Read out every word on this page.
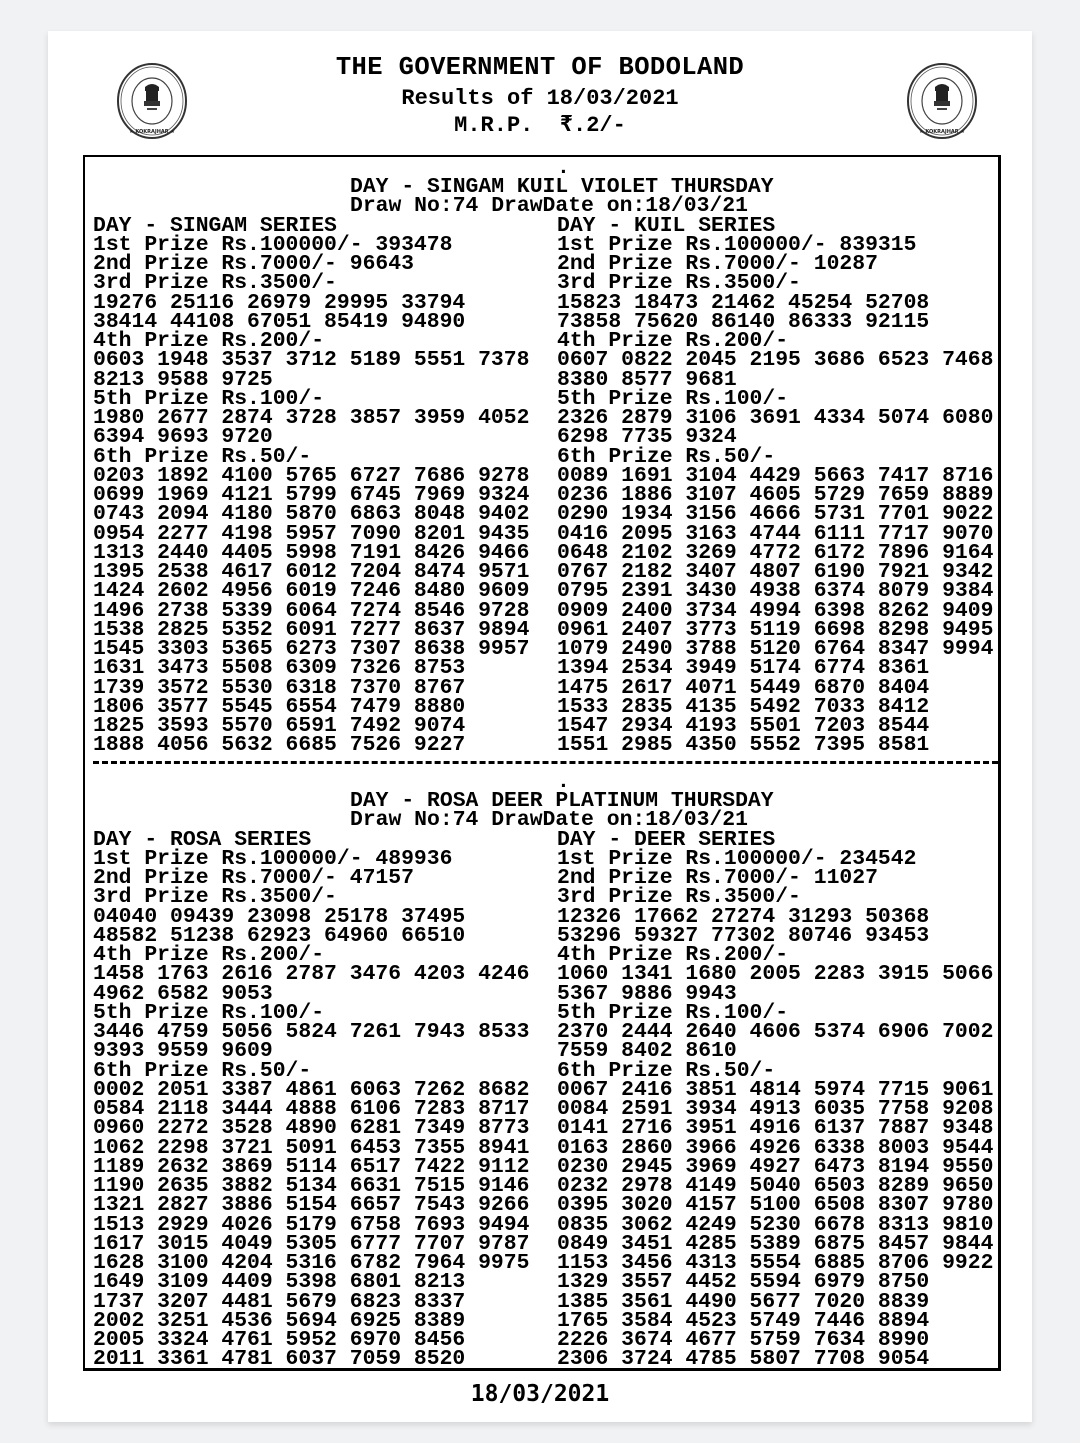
★ KOKRAJHAR ★	★ KOKRAJHAR ★
THE GOVERNMENT OF BODOLAND
Results of 18/03/2021
M.R.P.  ₹.2/-
.
DAY - SINGAM KUIL VIOLET THURSDAY
Draw No:74 DrawDate on:18/03/21
DAY - SINGAM SERIES
1st Prize Rs.100000/- 393478
2nd Prize Rs.7000/- 96643
3rd Prize Rs.3500/-
19276 25116 26979 29995 33794
38414 44108 67051 85419 94890
4th Prize Rs.200/-
0603 1948 3537 3712 5189 5551 7378
8213 9588 9725
5th Prize Rs.100/-
1980 2677 2874 3728 3857 3959 4052
6394 9693 9720
6th Prize Rs.50/-
0203 1892 4100 5765 6727 7686 9278
0699 1969 4121 5799 6745 7969 9324
0743 2094 4180 5870 6863 8048 9402
0954 2277 4198 5957 7090 8201 9435
1313 2440 4405 5998 7191 8426 9466
1395 2538 4617 6012 7204 8474 9571
1424 2602 4956 6019 7246 8480 9609
1496 2738 5339 6064 7274 8546 9728
1538 2825 5352 6091 7277 8637 9894
1545 3303 5365 6273 7307 8638 9957
1631 3473 5508 6309 7326 8753
1739 3572 5530 6318 7370 8767
1806 3577 5545 6554 7479 8880
1825 3593 5570 6591 7492 9074
1888 4056 5632 6685 7526 9227
DAY - KUIL SERIES
1st Prize Rs.100000/- 839315
2nd Prize Rs.7000/- 10287
3rd Prize Rs.3500/-
15823 18473 21462 45254 52708
73858 75620 86140 86333 92115
4th Prize Rs.200/-
0607 0822 2045 2195 3686 6523 7468
8380 8577 9681
5th Prize Rs.100/-
2326 2879 3106 3691 4334 5074 6080
6298 7735 9324
6th Prize Rs.50/-
0089 1691 3104 4429 5663 7417 8716
0236 1886 3107 4605 5729 7659 8889
0290 1934 3156 4666 5731 7701 9022
0416 2095 3163 4744 6111 7717 9070
0648 2102 3269 4772 6172 7896 9164
0767 2182 3407 4807 6190 7921 9342
0795 2391 3430 4938 6374 8079 9384
0909 2400 3734 4994 6398 8262 9409
0961 2407 3773 5119 6698 8298 9495
1079 2490 3788 5120 6764 8347 9994
1394 2534 3949 5174 6774 8361
1475 2617 4071 5449 6870 8404
1533 2835 4135 5492 7033 8412
1547 2934 4193 5501 7203 8544
1551 2985 4350 5552 7395 8581
.
DAY - ROSA DEER PLATINUM THURSDAY
Draw No:74 DrawDate on:18/03/21
DAY - ROSA SERIES
1st Prize Rs.100000/- 489936
2nd Prize Rs.7000/- 47157
3rd Prize Rs.3500/-
04040 09439 23098 25178 37495
48582 51238 62923 64960 66510
4th Prize Rs.200/-
1458 1763 2616 2787 3476 4203 4246
4962 6582 9053
5th Prize Rs.100/-
3446 4759 5056 5824 7261 7943 8533
9393 9559 9609
6th Prize Rs.50/-
0002 2051 3387 4861 6063 7262 8682
0584 2118 3444 4888 6106 7283 8717
0960 2272 3528 4890 6281 7349 8773
1062 2298 3721 5091 6453 7355 8941
1189 2632 3869 5114 6517 7422 9112
1190 2635 3882 5134 6631 7515 9146
1321 2827 3886 5154 6657 7543 9266
1513 2929 4026 5179 6758 7693 9494
1617 3015 4049 5305 6777 7707 9787
1628 3100 4204 5316 6782 7964 9975
1649 3109 4409 5398 6801 8213
1737 3207 4481 5679 6823 8337
2002 3251 4536 5694 6925 8389
2005 3324 4761 5952 6970 8456
2011 3361 4781 6037 7059 8520
DAY - DEER SERIES
1st Prize Rs.100000/- 234542
2nd Prize Rs.7000/- 11027
3rd Prize Rs.3500/-
12326 17662 27274 31293 50368
53296 59327 77302 80746 93453
4th Prize Rs.200/-
1060 1341 1680 2005 2283 3915 5066
5367 9886 9943
5th Prize Rs.100/-
2370 2444 2640 4606 5374 6906 7002
7559 8402 8610
6th Prize Rs.50/-
0067 2416 3851 4814 5974 7715 9061
0084 2591 3934 4913 6035 7758 9208
0141 2716 3951 4916 6137 7887 9348
0163 2860 3966 4926 6338 8003 9544
0230 2945 3969 4927 6473 8194 9550
0232 2978 4149 5040 6503 8289 9650
0395 3020 4157 5100 6508 8307 9780
0835 3062 4249 5230 6678 8313 9810
0849 3451 4285 5389 6875 8457 9844
1153 3456 4313 5554 6885 8706 9922
1329 3557 4452 5594 6979 8750
1385 3561 4490 5677 7020 8839
1765 3584 4523 5749 7446 8894
2226 3674 4677 5759 7634 8990
2306 3724 4785 5807 7708 9054
18/03/2021
